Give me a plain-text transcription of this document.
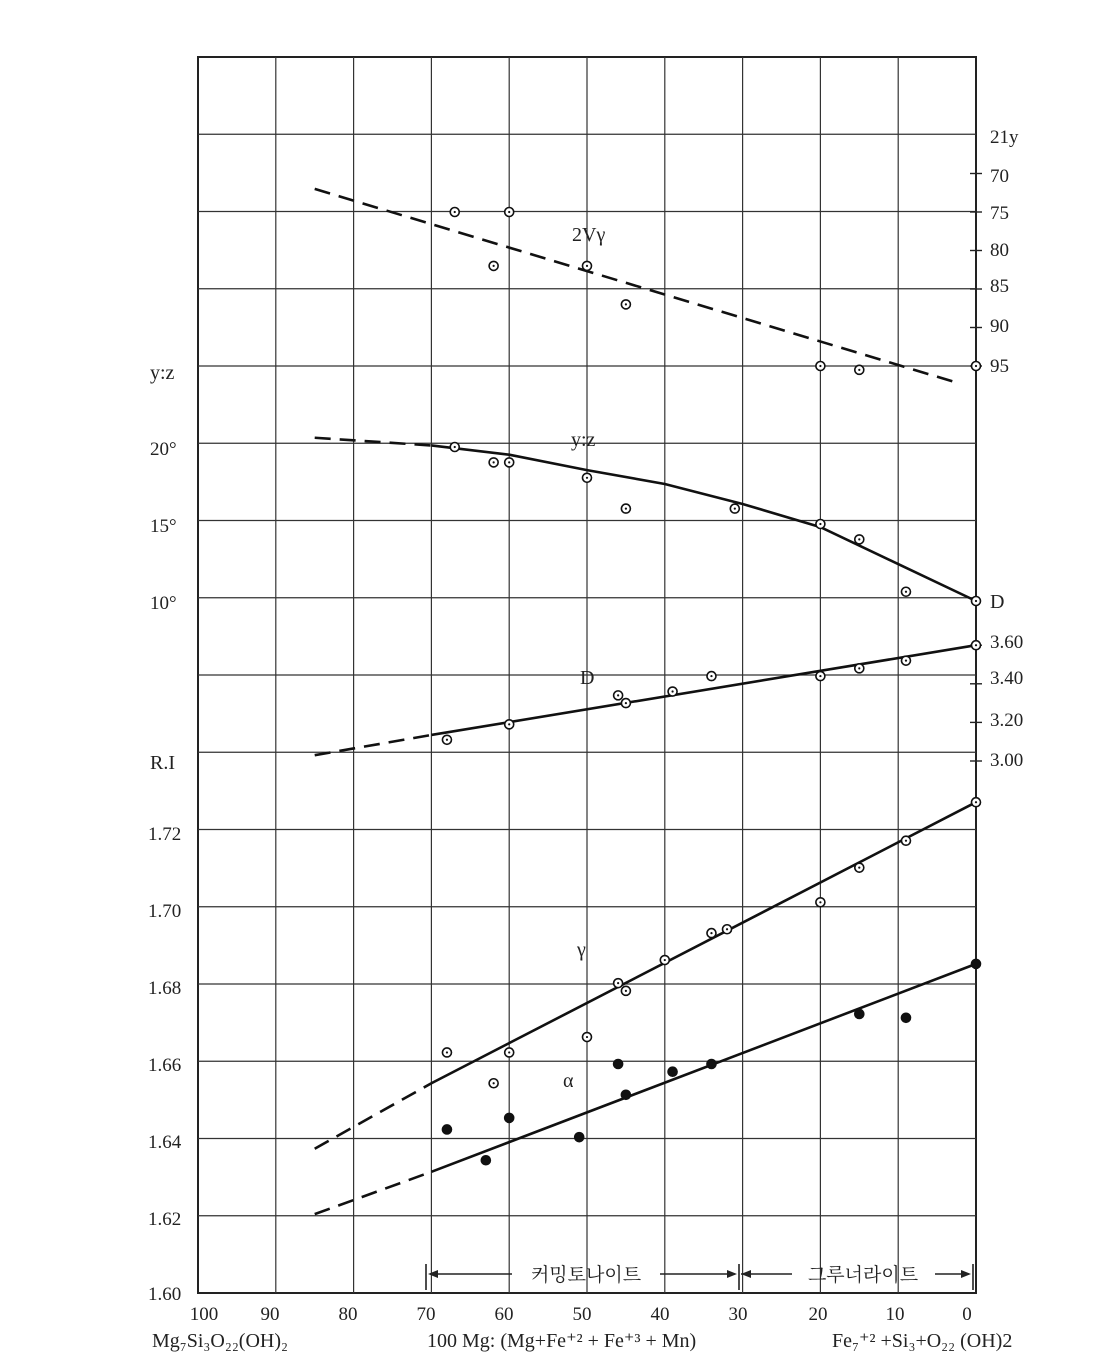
2Vγ
y:z
D
γ
α
y:z
20°
15°
10°
R.I
1.72
1.70
1.68
1.66
1.64
1.62
1.60
21y
70
75
80
85
90
95
D
3.60
3.40
3.20
3.00
100 90	80	70	60	50	40	30	20	10	0
Mg₇Si₃O₂₂(OH)₂	100 Mg: (Mg+Fe⁺² + Fe⁺³ + Mn)	Fe₇⁺² +Si₃+O₂₂ (OH)2
커밍토나이트	그루너라이트
